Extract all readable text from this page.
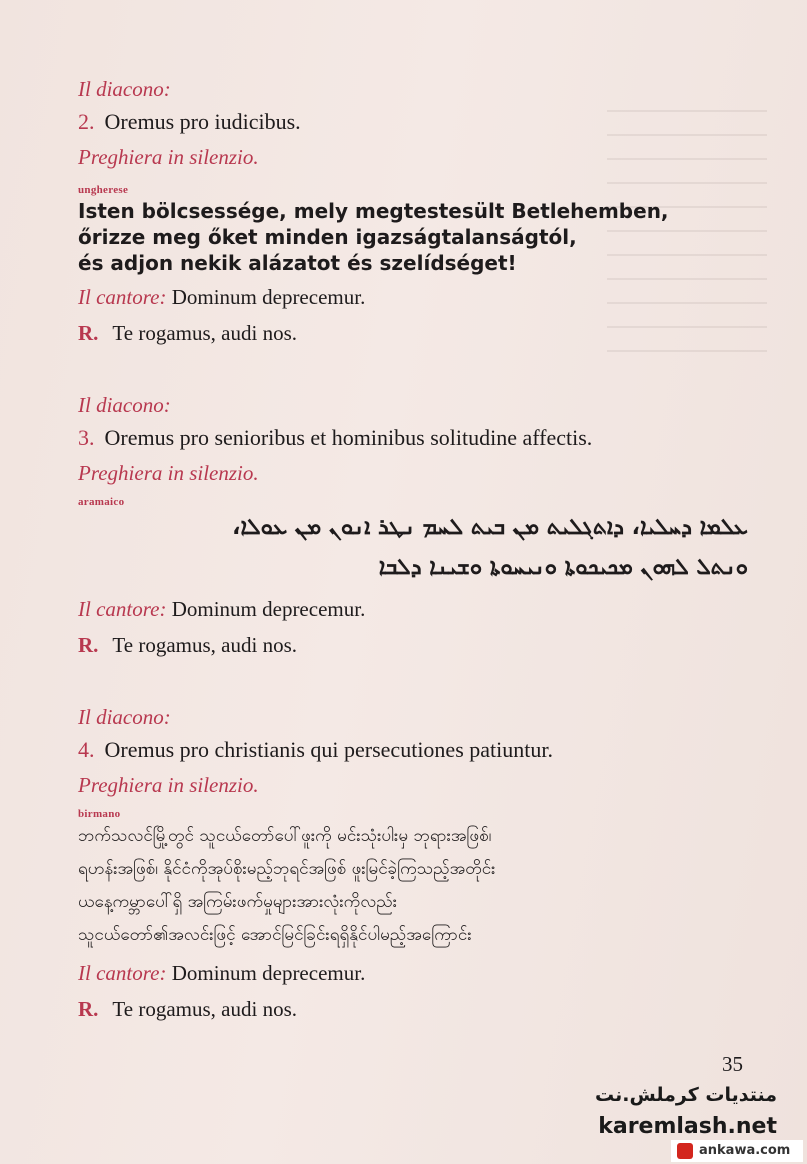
Il diacono:
2. Oremus pro iudicibus.
Preghiera in silenzio.
ungherese
Isten bölcsessége, mely megtestesült Betlehemben,
őrizze meg őket minden igazságtalanságtól,
és adjon nekik alázatot és szelídséget!
Il cantore: Dominum deprecemur.
R. Te rogamus, audi nos.
Il diacono:
3. Oremus pro senioribus et hominibus solitudine affectis.
Preghiera in silenzio.
aramaico
ܥܠܡܐ ܕܚܠܝܐ، ܕܐܬܓܠܝܬ ܡܢ ܒܝܬ ܠܚܡ ܢܛܪ ܐܢܘܢ ܡܢ ܥܘܠܐ،
ܘܢܬܠ ܠܗܘܢ ܡܟܝܟܘܬܐ ܘܢܝܚܘܬܐ ܘܫܝܢܐ ܕܠܒܐ
Il cantore: Dominum deprecemur.
R. Te rogamus, audi nos.
Il diacono:
4. Oremus pro christianis qui persecutiones patiuntur.
Preghiera in silenzio.
birmano
ဘက်သလင်မြို့တွင် သူငယ်တော်ပေါ်ဖူးကို မင်းသုံးပါးမှ ဘုရားအဖြစ်၊
ရဟန်းအဖြစ်၊ နိုင်ငံကိုအုပ်စိုးမည့်ဘုရင်အဖြစ် ဖူးမြင်ခဲ့ကြသည့်အတိုင်း
ယနေ့ကမ္ဘာပေါ်ရှိ အကြမ်းဖက်မှုများအားလုံးကိုလည်း
သူငယ်တော်၏အလင်းဖြင့် အောင်မြင်ခြင်းရရှိနိုင်ပါမည့်အကြောင်း
Il cantore: Dominum deprecemur.
R. Te rogamus, audi nos.
35
منتديات كرملش.نت
karemlash.net
ankawa.com
